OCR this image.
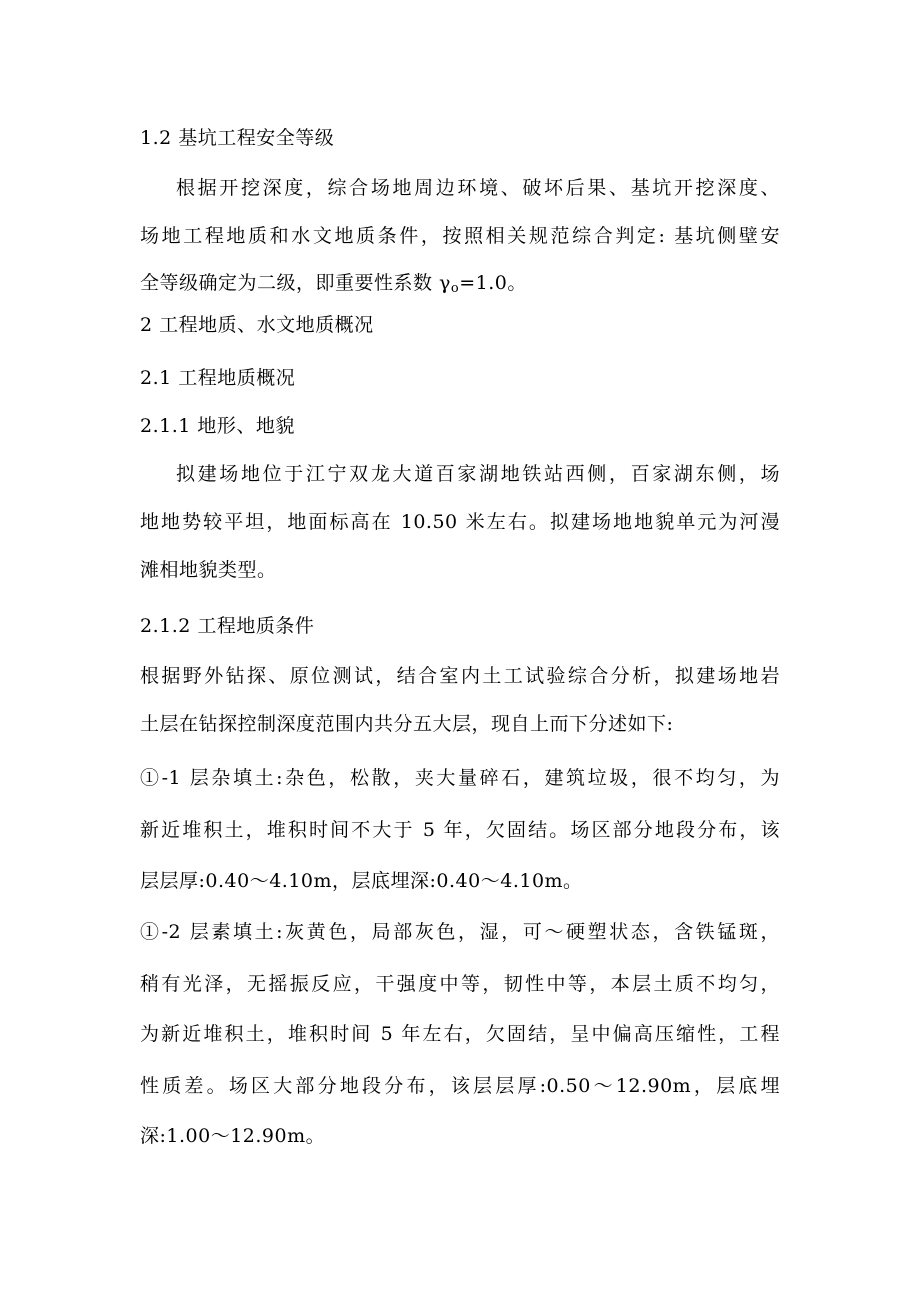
1.2 基坑工程安全等级
根据开挖深度，综合场地周边环境、破坏后果、基坑开挖深度、
场地工程地质和水文地质条件，按照相关规范综合判定: 基坑侧壁安
全等级确定为二级，即重要性系数 $\gamma_o=1.0$。
2 工程地质、水文地质概况
2.1 工程地质概况
2.1.1 地形、地貌
拟建场地位于江宁双龙大道百家湖地铁站西侧，百家湖东侧，场
地地势较平坦，地面标高在 10.50 米左右。拟建场地地貌单元为河漫
滩相地貌类型。
2.1.2 工程地质条件
根据野外钻探、原位测试，结合室内土工试验综合分析，拟建场地岩
土层在钻探控制深度范围内共分五大层，现自上而下分述如下:
①-1 层杂填土:杂色，松散，夹大量碎石，建筑垃圾，很不均匀，为
新近堆积土，堆积时间不大于 5 年，欠固结。场区部分地段分布，该
层层厚:0.40～4.10m，层底埋深:0.40～4.10m。
①-2 层素填土:灰黄色，局部灰色，湿，可～硬塑状态，含铁锰斑，
稍有光泽，无摇振反应，干强度中等，韧性中等，本层土质不均匀，
为新近堆积土，堆积时间 5 年左右，欠固结，呈中偏高压缩性，工程
性质差。场区大部分地段分布，该层层厚:0.50～12.90m，层底埋
深:1.00～12.90m。
